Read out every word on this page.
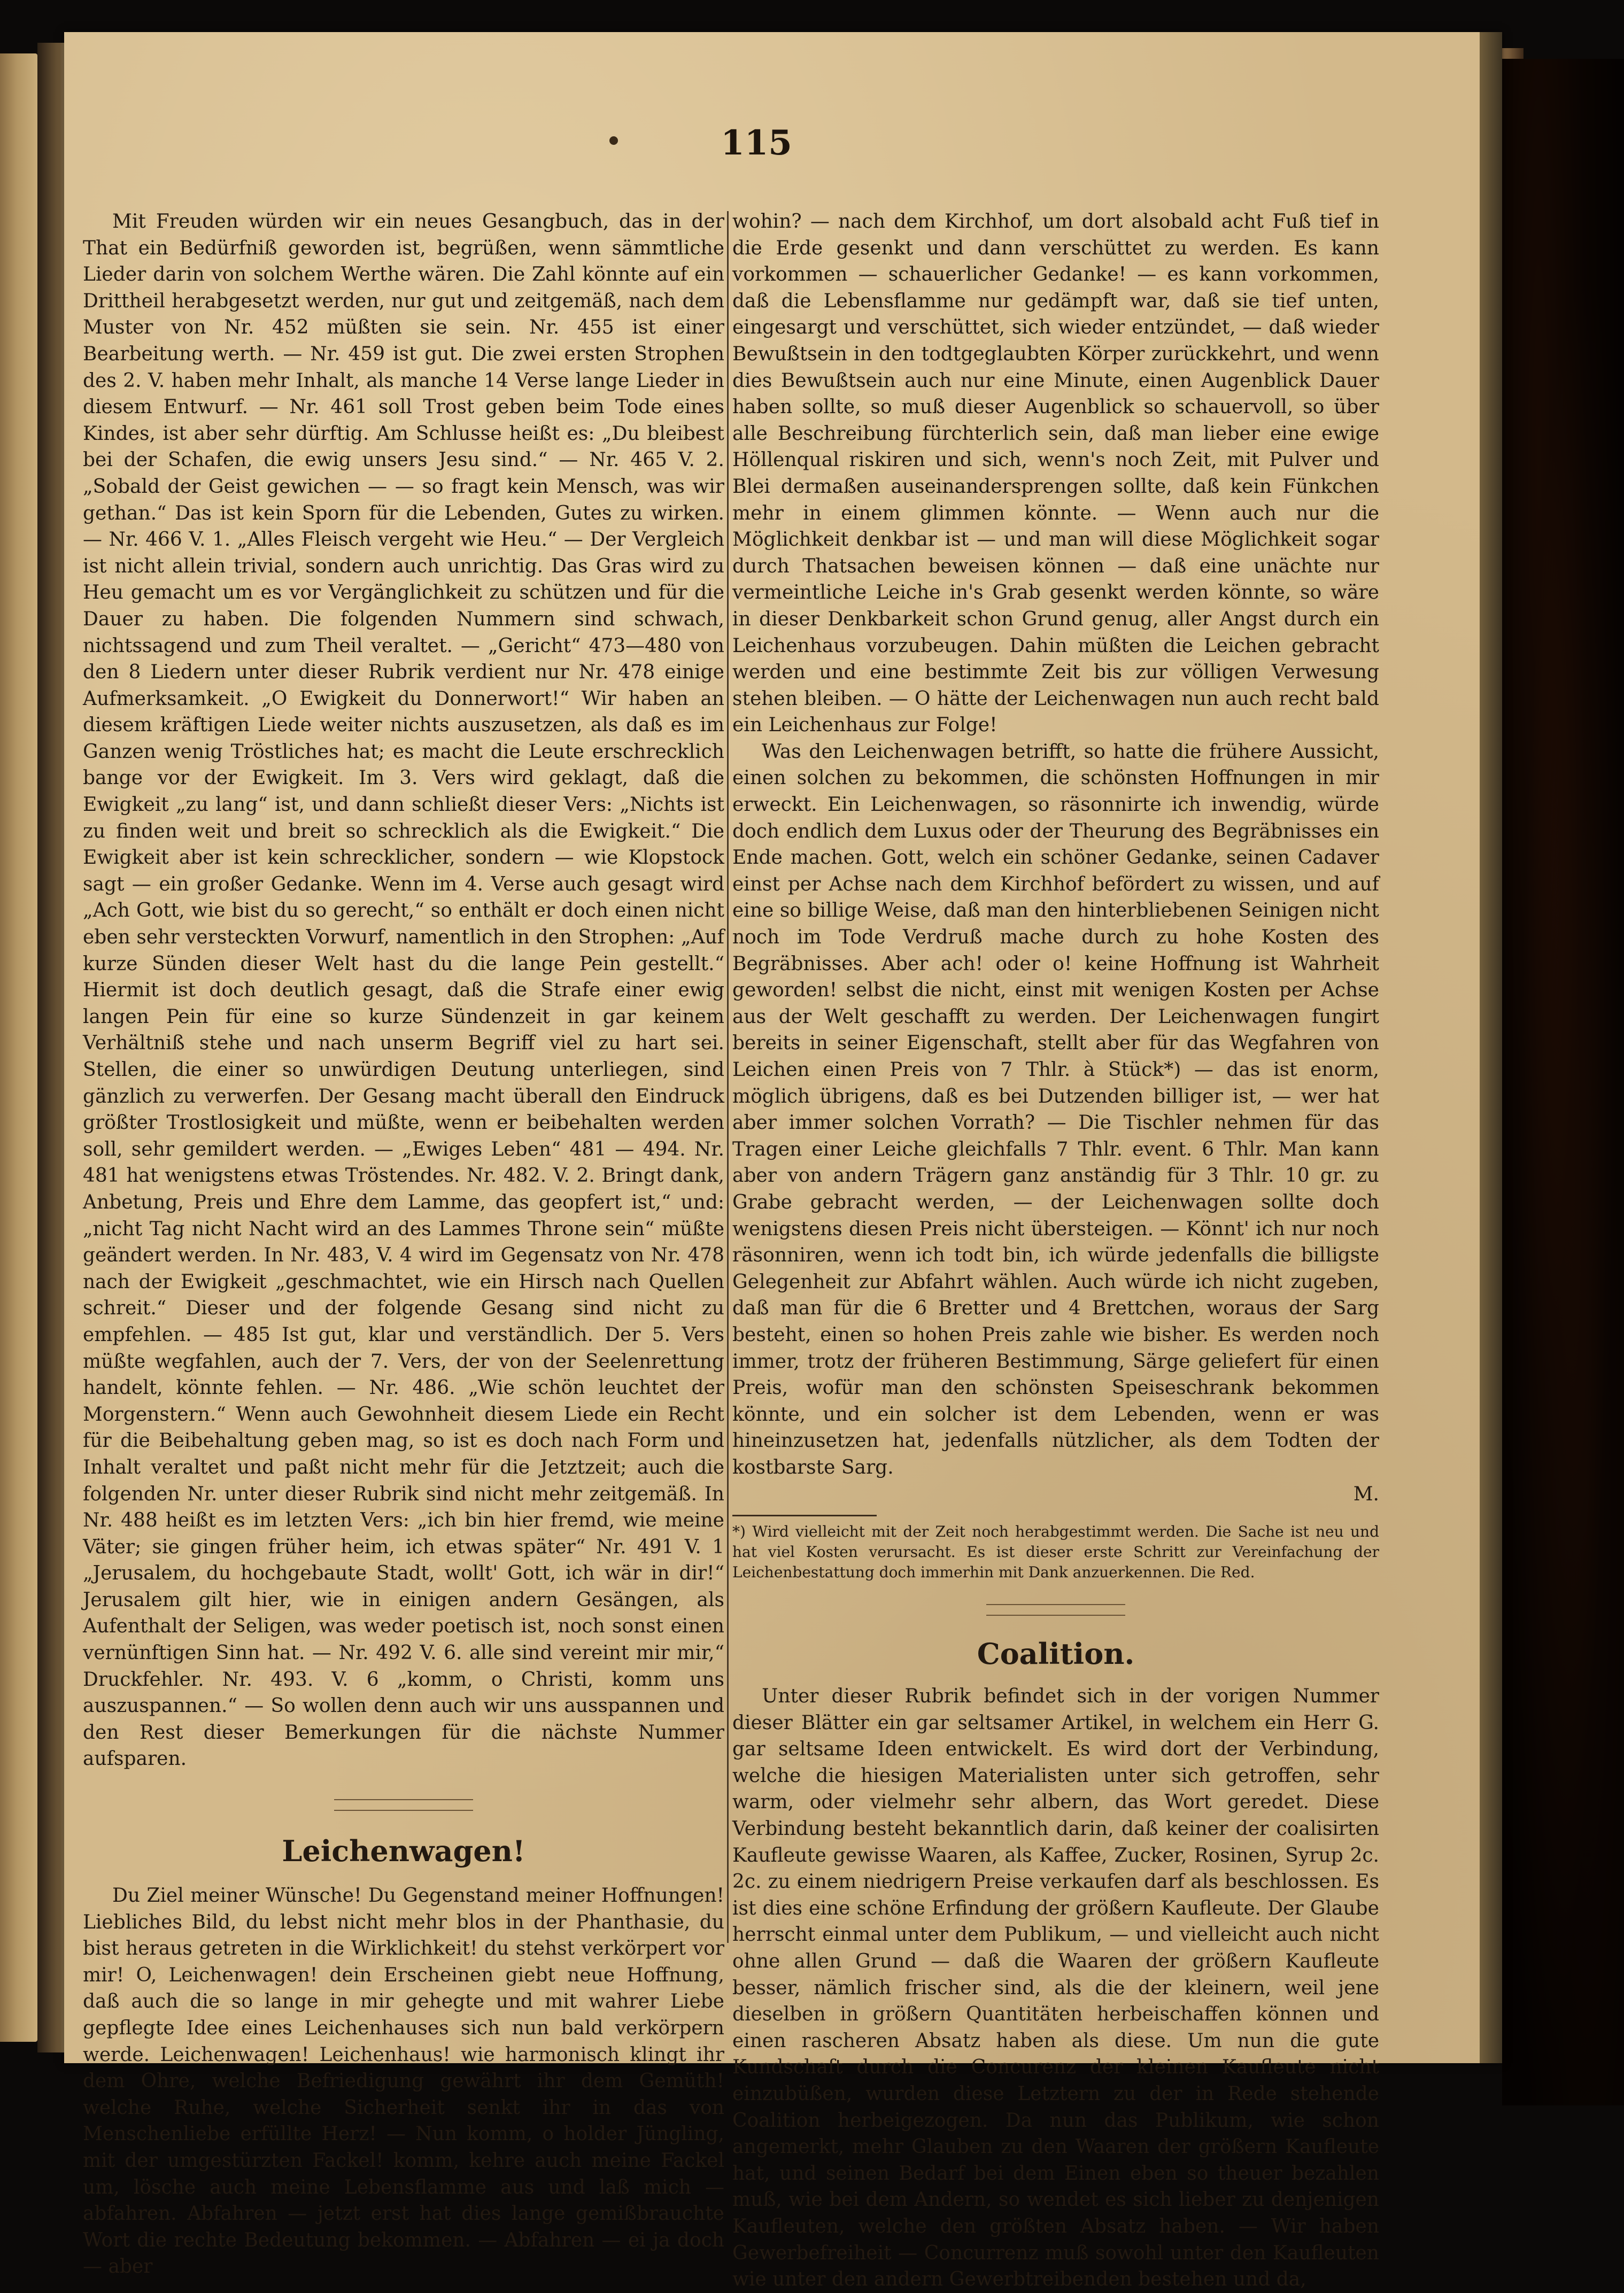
115

Mit Freuden würden wir ein neues Gesangbuch, das in der That ein Bedürfniß geworden ist, begrüßen, wenn sämmtliche Lieder darin von solchem Werthe wären. Die Zahl könnte auf ein Drittheil herabgesetzt werden, nur gut und zeitgemäß, nach dem Muster von Nr. 452 müßten sie sein. Nr. 455 ist einer Bearbeitung werth. — Nr. 459 ist gut. Die zwei ersten Strophen des 2. V. haben mehr Inhalt, als manche 14 Verse lange Lieder in diesem Entwurf. — Nr. 461 soll Trost geben beim Tode eines Kindes, ist aber sehr dürftig. Am Schlusse heißt es: „Du bleibest bei der Schafen, die ewig unsers Jesu sind.“ — Nr. 465 V. 2. „Sobald der Geist gewichen — — so fragt kein Mensch, was wir gethan.“ Das ist kein Sporn für die Lebenden, Gutes zu wirken. — Nr. 466 V. 1. „Alles Fleisch vergeht wie Heu.“ — Der Vergleich ist nicht allein trivial, sondern auch unrichtig. Das Gras wird zu Heu gemacht um es vor Vergänglichkeit zu schützen und für die Dauer zu haben. Die folgenden Nummern sind schwach, nichtssagend und zum Theil veraltet. — „Gericht“ 473—480 von den 8 Liedern unter dieser Rubrik verdient nur Nr. 478 einige Aufmerksamkeit. „O Ewigkeit du Donnerwort!“ Wir haben an diesem kräftigen Liede weiter nichts auszusetzen, als daß es im Ganzen wenig Tröstliches hat; es macht die Leute erschrecklich bange vor der Ewigkeit. Im 3. Vers wird geklagt, daß die Ewigkeit „zu lang“ ist, und dann schließt dieser Vers: „Nichts ist zu finden weit und breit so schrecklich als die Ewigkeit.“ Die Ewigkeit aber ist kein schrecklicher, sondern — wie Klopstock sagt — ein großer Gedanke. Wenn im 4. Verse auch gesagt wird „Ach Gott, wie bist du so gerecht,“ so enthält er doch einen nicht eben sehr versteckten Vorwurf, namentlich in den Strophen: „Auf kurze Sünden dieser Welt hast du die lange Pein gestellt.“ Hiermit ist doch deutlich gesagt, daß die Strafe einer ewig langen Pein für eine so kurze Sündenzeit in gar keinem Verhältniß stehe und nach unserm Begriff viel zu hart sei. Stellen, die einer so unwürdigen Deutung unterliegen, sind gänzlich zu verwerfen. Der Gesang macht überall den Eindruck größter Trostlosigkeit und müßte, wenn er beibehalten werden soll, sehr gemildert werden. — „Ewiges Leben“ 481 — 494. Nr. 481 hat wenigstens etwas Tröstendes. Nr. 482. V. 2. Bringt dank, Anbetung, Preis und Ehre dem Lamme, das geopfert ist,“ und: „nicht Tag nicht Nacht wird an des Lammes Throne sein“ müßte geändert werden. In Nr. 483, V. 4 wird im Gegensatz von Nr. 478 nach der Ewigkeit „geschmachtet, wie ein Hirsch nach Quellen schreit.“ Dieser und der folgende Gesang sind nicht zu empfehlen. — 485 Ist gut, klar und verständlich. Der 5. Vers müßte wegfahlen, auch der 7. Vers, der von der Seelenrettung handelt, könnte fehlen. — Nr. 486. „Wie schön leuchtet der Morgenstern.“ Wenn auch Gewohnheit diesem Liede ein Recht für die Beibehaltung geben mag, so ist es doch nach Form und Inhalt veraltet und paßt nicht mehr für die Jetztzeit; auch die folgenden Nr. unter dieser Rubrik sind nicht mehr zeitgemäß. In Nr. 488 heißt es im letzten Vers: „ich bin hier fremd, wie meine Väter; sie gingen früher heim, ich etwas später“ Nr. 491 V. 1 „Jerusalem, du hochgebaute Stadt, wollt' Gott, ich wär in dir!“ Jerusalem gilt hier, wie in einigen andern Gesängen, als Aufenthalt der Seligen, was weder poetisch ist, noch sonst einen vernünftigen Sinn hat. — Nr. 492 V. 6. alle sind vereint mir mir,“ Druckfehler. Nr. 493. V. 6 „komm, o Christi, komm uns auszuspannen.“ — So wollen denn auch wir uns ausspannen und den Rest dieser Bemerkungen für die nächste Nummer aufsparen.

Leichenwagen!

Du Ziel meiner Wünsche! Du Gegenstand meiner Hoffnungen! Liebliches Bild, du lebst nicht mehr blos in der Phanthasie, du bist heraus getreten in die Wirklichkeit! du stehst verkörpert vor mir! O, Leichenwagen! dein Erscheinen giebt neue Hoffnung, daß auch die so lange in mir gehegte und mit wahrer Liebe gepflegte Idee eines Leichenhauses sich nun bald verkörpern werde. Leichenwagen! Leichenhaus! wie harmonisch klingt ihr dem Ohre, welche Befriedigung gewährt ihr dem Gemüth! welche Ruhe, welche Sicherheit senkt ihr in das von Menschenliebe erfüllte Herz! — Nun komm, o holder Jüngling, mit der umgestürzten Fackel! komm, kehre auch meine Fackel um, lösche auch meine Lebensflamme aus und laß mich — abfahren. Abfahren — jetzt erst hat dies lange gemißbrauchte Wort die rechte Bedeutung bekommen. — Abfahren — ei ja doch — aber

wohin? — nach dem Kirchhof, um dort alsobald acht Fuß tief in die Erde gesenkt und dann verschüttet zu werden. Es kann vorkommen — schauerlicher Gedanke! — es kann vorkommen, daß die Lebensflamme nur gedämpft war, daß sie tief unten, eingesargt und verschüttet, sich wieder entzündet, — daß wieder Bewußtsein in den todtgeglaubten Körper zurückkehrt, und wenn dies Bewußtsein auch nur eine Minute, einen Augenblick Dauer haben sollte, so muß dieser Augenblick so schauervoll, so über alle Beschreibung fürchterlich sein, daß man lieber eine ewige Höllenqual riskiren und sich, wenn's noch Zeit, mit Pulver und Blei dermaßen auseinandersprengen sollte, daß kein Fünkchen mehr in einem glimmen könnte. — Wenn auch nur die Möglichkeit denkbar ist — und man will diese Möglichkeit sogar durch Thatsachen beweisen können — daß eine unächte nur vermeintliche Leiche in's Grab gesenkt werden könnte, so wäre in dieser Denkbarkeit schon Grund genug, aller Angst durch ein Leichenhaus vorzubeugen. Dahin müßten die Leichen gebracht werden und eine bestimmte Zeit bis zur völligen Verwesung stehen bleiben. — O hätte der Leichenwagen nun auch recht bald ein Leichenhaus zur Folge!

Was den Leichenwagen betrifft, so hatte die frühere Aussicht, einen solchen zu bekommen, die schönsten Hoffnungen in mir erweckt. Ein Leichenwagen, so räsonnirte ich inwendig, würde doch endlich dem Luxus oder der Theurung des Begräbnisses ein Ende machen. Gott, welch ein schöner Gedanke, seinen Cadaver einst per Achse nach dem Kirchhof befördert zu wissen, und auf eine so billige Weise, daß man den hinterbliebenen Seinigen nicht noch im Tode Verdruß mache durch zu hohe Kosten des Begräbnisses. Aber ach! oder o! keine Hoffnung ist Wahrheit geworden! selbst die nicht, einst mit wenigen Kosten per Achse aus der Welt geschafft zu werden. Der Leichenwagen fungirt bereits in seiner Eigenschaft, stellt aber für das Wegfahren von Leichen einen Preis von 7 Thlr. à Stück*) — das ist enorm, möglich übrigens, daß es bei Dutzenden billiger ist, — wer hat aber immer solchen Vorrath? — Die Tischler nehmen für das Tragen einer Leiche gleichfalls 7 Thlr. event. 6 Thlr. Man kann aber von andern Trägern ganz anständig für 3 Thlr. 10 gr. zu Grabe gebracht werden, — der Leichenwagen sollte doch wenigstens diesen Preis nicht übersteigen. — Könnt' ich nur noch räsonniren, wenn ich todt bin, ich würde jedenfalls die billigste Gelegenheit zur Abfahrt wählen. Auch würde ich nicht zugeben, daß man für die 6 Bretter und 4 Brettchen, woraus der Sarg besteht, einen so hohen Preis zahle wie bisher. Es werden noch immer, trotz der früheren Bestimmung, Särge geliefert für einen Preis, wofür man den schönsten Speiseschrank bekommen könnte, und ein solcher ist dem Lebenden, wenn er was hineinzusetzen hat, jedenfalls nützlicher, als dem Todten der kostbarste Sarg.

M.

*) Wird vielleicht mit der Zeit noch herabgestimmt werden. Die Sache ist neu und hat viel Kosten verursacht. Es ist dieser erste Schritt zur Vereinfachung der Leichenbestattung doch immerhin mit Dank anzuerkennen. Die Red.

Coalition.

Unter dieser Rubrik befindet sich in der vorigen Nummer dieser Blätter ein gar seltsamer Artikel, in welchem ein Herr G. gar seltsame Ideen entwickelt. Es wird dort der Verbindung, welche die hiesigen Materialisten unter sich getroffen, sehr warm, oder vielmehr sehr albern, das Wort geredet. Diese Verbindung besteht bekanntlich darin, daß keiner der coalisirten Kaufleute gewisse Waaren, als Kaffee, Zucker, Rosinen, Syrup 2c. 2c. zu einem niedrigern Preise verkaufen darf als beschlossen. Es ist dies eine schöne Erfindung der größern Kaufleute. Der Glaube herrscht einmal unter dem Publikum, — und vielleicht auch nicht ohne allen Grund — daß die Waaren der größern Kaufleute besser, nämlich frischer sind, als die der kleinern, weil jene dieselben in größern Quantitäten herbeischaffen können und einen rascheren Absatz haben als diese. Um nun die gute Kundschaft durch die Concurenz der kleinen Kaufleute nicht einzubüßen, wurden diese Letztern zu der in Rede stehende Coalition herbeigezogen. Da nun das Publikum, wie schon angemerkt, mehr Glauben zu den Waaren der größern Kaufleute hat, und seinen Bedarf bei dem Einen eben so theuer bezahlen muß, wie bei dem Andern, so wendet es sich lieber zu denjenigen Kaufleuten, welche den größten Absatz haben. — Wir haben Gewerbefreiheit — Concurrenz muß sowohl unter den Kaufleuten wie unter den andern Gewerbtreibenden bestehen und da,
